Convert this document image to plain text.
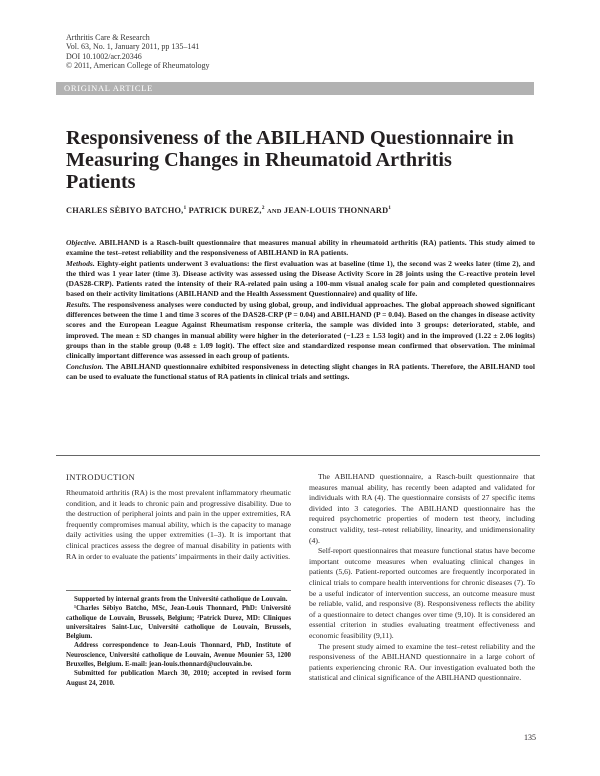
Arthritis Care & Research
Vol. 63, No. 1, January 2011, pp 135–141
DOI 10.1002/acr.20346
© 2011, American College of Rheumatology
ORIGINAL ARTICLE
Responsiveness of the ABILHAND Questionnaire in Measuring Changes in Rheumatoid Arthritis Patients
CHARLES SÈBIYO BATCHO,$^1$ PATRICK DUREZ,$^2$ AND JEAN-LOUIS THONNARD$^1$

Objective. ABILHAND is a Rasch-built questionnaire that measures manual ability in rheumatoid arthritis (RA) patients. This study aimed to examine the test–retest reliability and the responsiveness of ABILHAND in RA patients.

Methods. Eighty-eight patients underwent 3 evaluations: the first evaluation was at baseline (time 1), the second was 2 weeks later (time 2), and the third was 1 year later (time 3). Disease activity was assessed using the Disease Activity Score in 28 joints using the C-reactive protein level (DAS28-CRP). Patients rated the intensity of their RA-related pain using a 100-mm visual analog scale for pain and completed questionnaires based on their activity limitations (ABILHAND and the Health Assessment Questionnaire) and quality of life.

Results. The responsiveness analyses were conducted by using global, group, and individual approaches. The global approach showed significant differences between the time 1 and time 3 scores of the DAS28-CRP (P = 0.04) and ABILHAND (P = 0.04). Based on the changes in disease activity scores and the European League Against Rheumatism response criteria, the sample was divided into 3 groups: deteriorated, stable, and improved. The mean ± SD changes in manual ability were higher in the deteriorated (−1.23 ± 1.53 logit) and in the improved (1.22 ± 2.06 logits) groups than in the stable group (0.48 ± 1.09 logit). The effect size and standardized response mean confirmed that observation. The minimal clinically important difference was assessed in each group of patients.

Conclusion. The ABILHAND questionnaire exhibited responsiveness in detecting slight changes in RA patients. Therefore, the ABILHAND tool can be used to evaluate the functional status of RA patients in clinical trials and settings.

INTRODUCTION

Rheumatoid arthritis (RA) is the most prevalent inflammatory rheumatic condition, and it leads to chronic pain and progressive disability. Due to the destruction of peripheral joints and pain in the upper extremities, RA frequently compromises manual ability, which is the capacity to manage daily activities using the upper extremities (1–3). It is important that clinical practices assess the degree of manual disability in patients with RA in order to evaluate the patients’ impairments in their daily activities.

Supported by internal grants from the Université catholique de Louvain.

¹Charles Sèbiyo Batcho, MSc, Jean-Louis Thonnard, PhD: Université catholique de Louvain, Brussels, Belgium; ²Patrick Durez, MD: Cliniques universitaires Saint-Luc, Université catholique de Louvain, Brussels, Belgium.

Address correspondence to Jean-Louis Thonnard, PhD, Institute of Neuroscience, Université catholique de Louvain, Avenue Mounier 53, 1200 Bruxelles, Belgium. E-mail: jean-louis.thonnard@uclouvain.be.

Submitted for publication March 30, 2010; accepted in revised form August 24, 2010.

The ABILHAND questionnaire, a Rasch-built questionnaire that measures manual ability, has recently been adapted and validated for individuals with RA (4). The questionnaire consists of 27 specific items divided into 3 categories. The ABILHAND questionnaire has the required psychometric properties of modern test theory, including construct validity, test–retest reliability, linearity, and unidimensionality (4).

Self-report questionnaires that measure functional status have become important outcome measures when evaluating clinical changes in patients (5,6). Patient-reported outcomes are frequently incorporated in clinical trials to compare health interventions for chronic diseases (7). To be a useful indicator of intervention success, an outcome measure must be reliable, valid, and responsive (8). Responsiveness reflects the ability of a questionnaire to detect changes over time (9,10). It is considered an essential criterion in studies evaluating treatment effectiveness and economic feasibility (9,11).

The present study aimed to examine the test–retest reliability and the responsiveness of the ABILHAND questionnaire in a large cohort of patients experiencing chronic RA. Our investigation evaluated both the statistical and clinical significance of the ABILHAND questionnaire.

135
